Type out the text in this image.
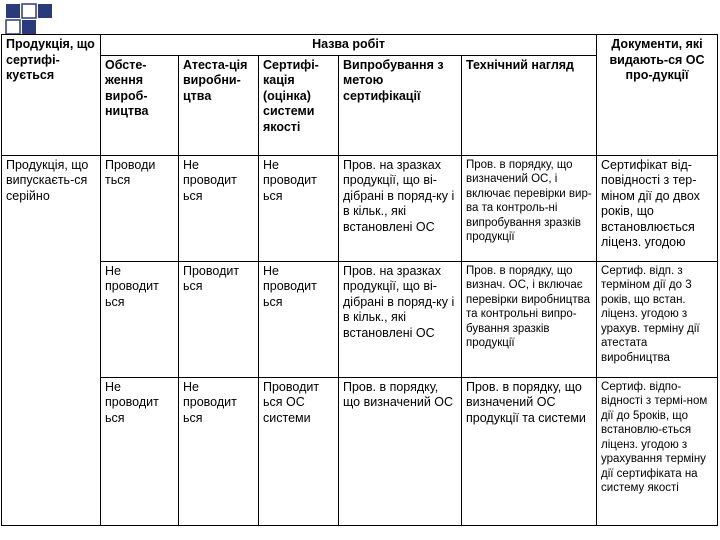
Продукція, що сертифі-кується	Назва робіт					Документи, які видають-ся ОС про-дукції
	Обсте-ження вироб-ництва	Атеста-ція виробни-цтва	Сертифі-кація (оцінка) системи якості	Випробування з метою сертифікації	Технічний нагляд	
Продукція, що випускаєть-ся серійно	Проводи ться	Не проводит ься	Не проводит ься	Пров. на зразках продукції, що ві-дібрані в поряд-ку і в кільк., які встановлені ОС	Пров. в порядку, що визначений ОС, і включає перевірки вир-ва та контроль-ні випробування зразків продукції	Сертифікат від-повідності з тер-міном дії до двох років, що встановлюється ліценз. угодою
	Не проводит ься	Проводит ься	Не проводит ься	Пров. на зразках продукції, що ві-дібрані в поряд-ку і в кільк., які встановлені ОС	Пров. в порядку, що визнач. ОС, і включає перевірки виробництва та контрольні випро-бування зразків продукції	Сертиф. відп. з терміном дії до 3 років, що встан. ліценз. угодою з урахув. терміну дії атестата виробництва
	Не проводит ься	Не проводит ься	Проводит ься ОС системи	Пров. в порядку, що визначений ОС	Пров. в порядку, що визначений ОС продукції та системи	Сертиф. відпо-відності з термі-ном дії до 5років, що встановлю-ється ліценз. угодою з урахування терміну дії сертифіката на систему якості
